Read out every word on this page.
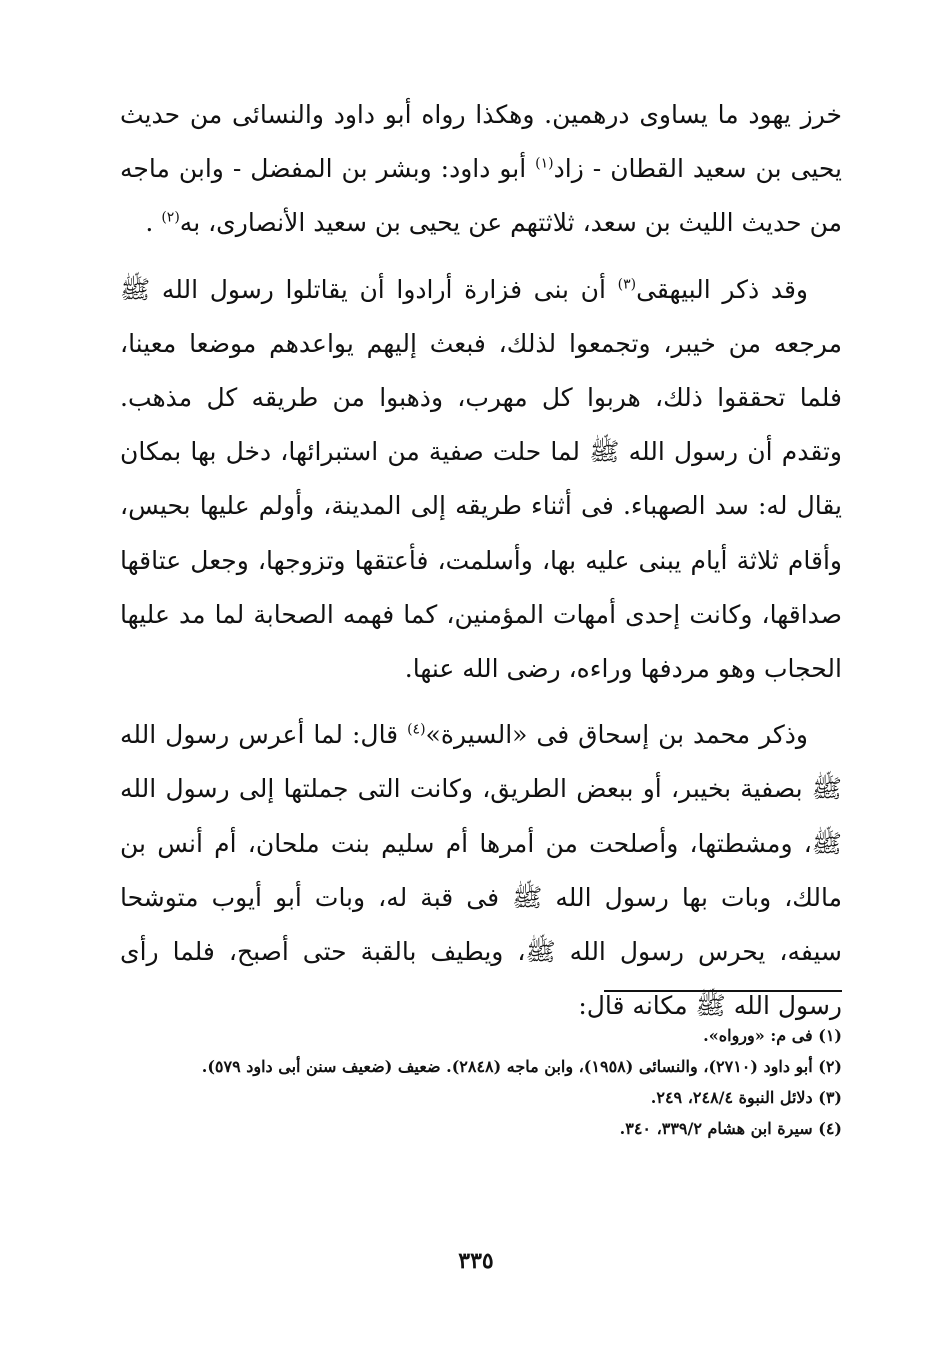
خرز يهود ما يساوى درهمين. وهكذا رواه أبو داود والنسائى من حديث يحيى بن سعيد القطان - زاد$^{(١)}$ أبو داود: وبشر بن المفضل - وابن ماجه من حديث الليث بن سعد، ثلاثتهم عن يحيى بن سعيد الأنصارى، به$^{(٢)}$ .

وقد ذكر البيهقى$^{(٣)}$ أن بنى فزارة أرادوا أن يقاتلوا رسول الله ﷺ مرجعه من خيبر، وتجمعوا لذلك، فبعث إليهم يواعدهم موضعا معينا، فلما تحققوا ذلك، هربوا كل مهرب، وذهبوا من طريقه كل مذهب. وتقدم أن رسول الله ﷺ لما حلت صفية من استبرائها، دخل بها بمكان يقال له: سد الصهباء. فى أثناء طريقه إلى المدينة، وأولم عليها بحيس، وأقام ثلاثة أيام يبنى عليه بها، وأسلمت، فأعتقها وتزوجها، وجعل عتاقها صداقها، وكانت إحدى أمهات المؤمنين، كما فهمه الصحابة لما مد عليها الحجاب وهو مردفها وراءه، رضى الله عنها.

وذكر محمد بن إسحاق فى «السيرة»$^{(٤)}$ قال: لما أعرس رسول الله ﷺ بصفية بخيبر، أو ببعض الطريق، وكانت التى جملتها إلى رسول الله ﷺ، ومشطتها، وأصلحت من أمرها أم سليم بنت ملحان، أم أنس بن مالك، وبات بها رسول الله ﷺ فى قبة له، وبات أبو أيوب متوشحا سيفه، يحرس رسول الله ﷺ، ويطيف بالقبة حتى أصبح، فلما رأى رسول الله ﷺ مكانه قال:

(١) فى م: «ورواه».

(٢) أبو داود (٢٧١٠)، والنسائى (١٩٥٨)، وابن ماجه (٢٨٤٨). ضعيف (ضعيف سنن أبى داود ٥٧٩).

(٣) دلائل النبوة ٢٤٨/٤، ٢٤٩.

(٤) سيرة ابن هشام ٣٣٩/٢، ٣٤٠.

٣٣٥
